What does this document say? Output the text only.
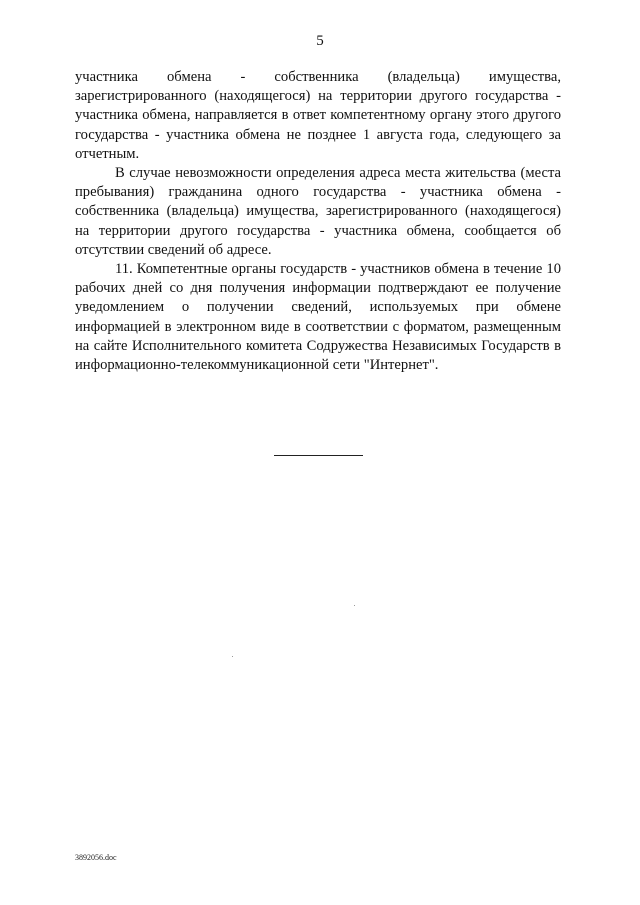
5

участника обмена - собственника (владельца) имущества, зарегистрированного (находящегося) на территории другого государства - участника обмена, направляется в ответ компетентному органу этого другого государства - участника обмена не позднее 1 августа года, следующего за отчетным.

В случае невозможности определения адреса места жительства (места пребывания) гражданина одного государства - участника обмена - собственника (владельца) имущества, зарегистрированного (находящегося) на территории другого государства - участника обмена, сообщается об отсутствии сведений об адресе.

11. Компетентные органы государств - участников обмена в течение 10 рабочих дней со дня получения информации подтверждают ее получение уведомлением о получении сведений, используемых при обмене информацией в электронном виде в соответствии с форматом, размещенным на сайте Исполнительного комитета Содружества Независимых Государств в информационно-телекоммуникационной сети "Интернет".

3892056.doc
